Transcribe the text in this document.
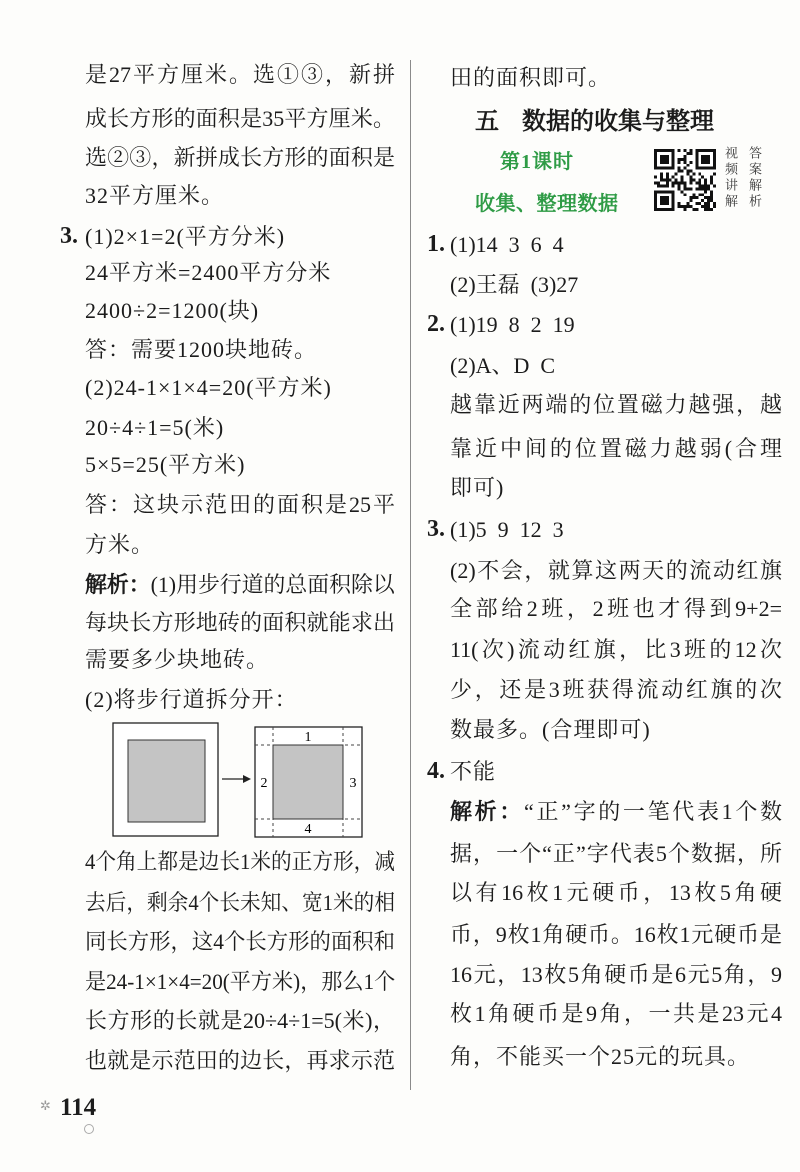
是27平方厘米。选①③，新拼
成长方形的面积是35平方厘米。
选②③，新拼成长方形的面积是
32平方厘米。
3. (1)2×1=2(平方分米)
24平方米=2400平方分米
2400÷2=1200(块)
答：需要1200块地砖。
(2)24-1×1×4=20(平方米)
20÷4÷1=5(米)
5×5=25(平方米)
答：这块示范田的面积是25平
方米。
解析：(1)用步行道的总面积除以
每块长方形地砖的面积就能求出
需要多少块地砖。
(2)将步行道拆分开：
1
2	3
4
4个角上都是边长1米的正方形，减
去后，剩余4个长未知、宽1米的相
同长方形，这4个长方形的面积和
是24-1×1×4=20(平方米)，那么1个
长方形的长就是20÷4÷1=5(米)，
也就是示范田的边长，再求示范
田的面积即可。
五 数据的收集与整理
第1课时
收集、整理数据	视频讲解 答案解析
1. (1)14  3  6  4
(2)王磊  (3)27
2. (1)19  8  2  19
(2)A、D  C
越靠近两端的位置磁力越强，越
靠近中间的位置磁力越弱(合理
即可)
3. (1)5  9  12  3
(2)不会，就算这两天的流动红旗
全部给2班，2班也才得到9+2=
11(次)流动红旗，比3班的12次
少，还是3班获得流动红旗的次
数最多。(合理即可)
4. 不能
解析：“正”字的一笔代表1个数
据，一个“正”字代表5个数据，所
以有16枚1元硬币，13枚5角硬
币，9枚1角硬币。16枚1元硬币是
16元，13枚5角硬币是6元5角，9
枚1角硬币是9角，一共是23元4
角，不能买一个25元的玩具。
✲ 114
